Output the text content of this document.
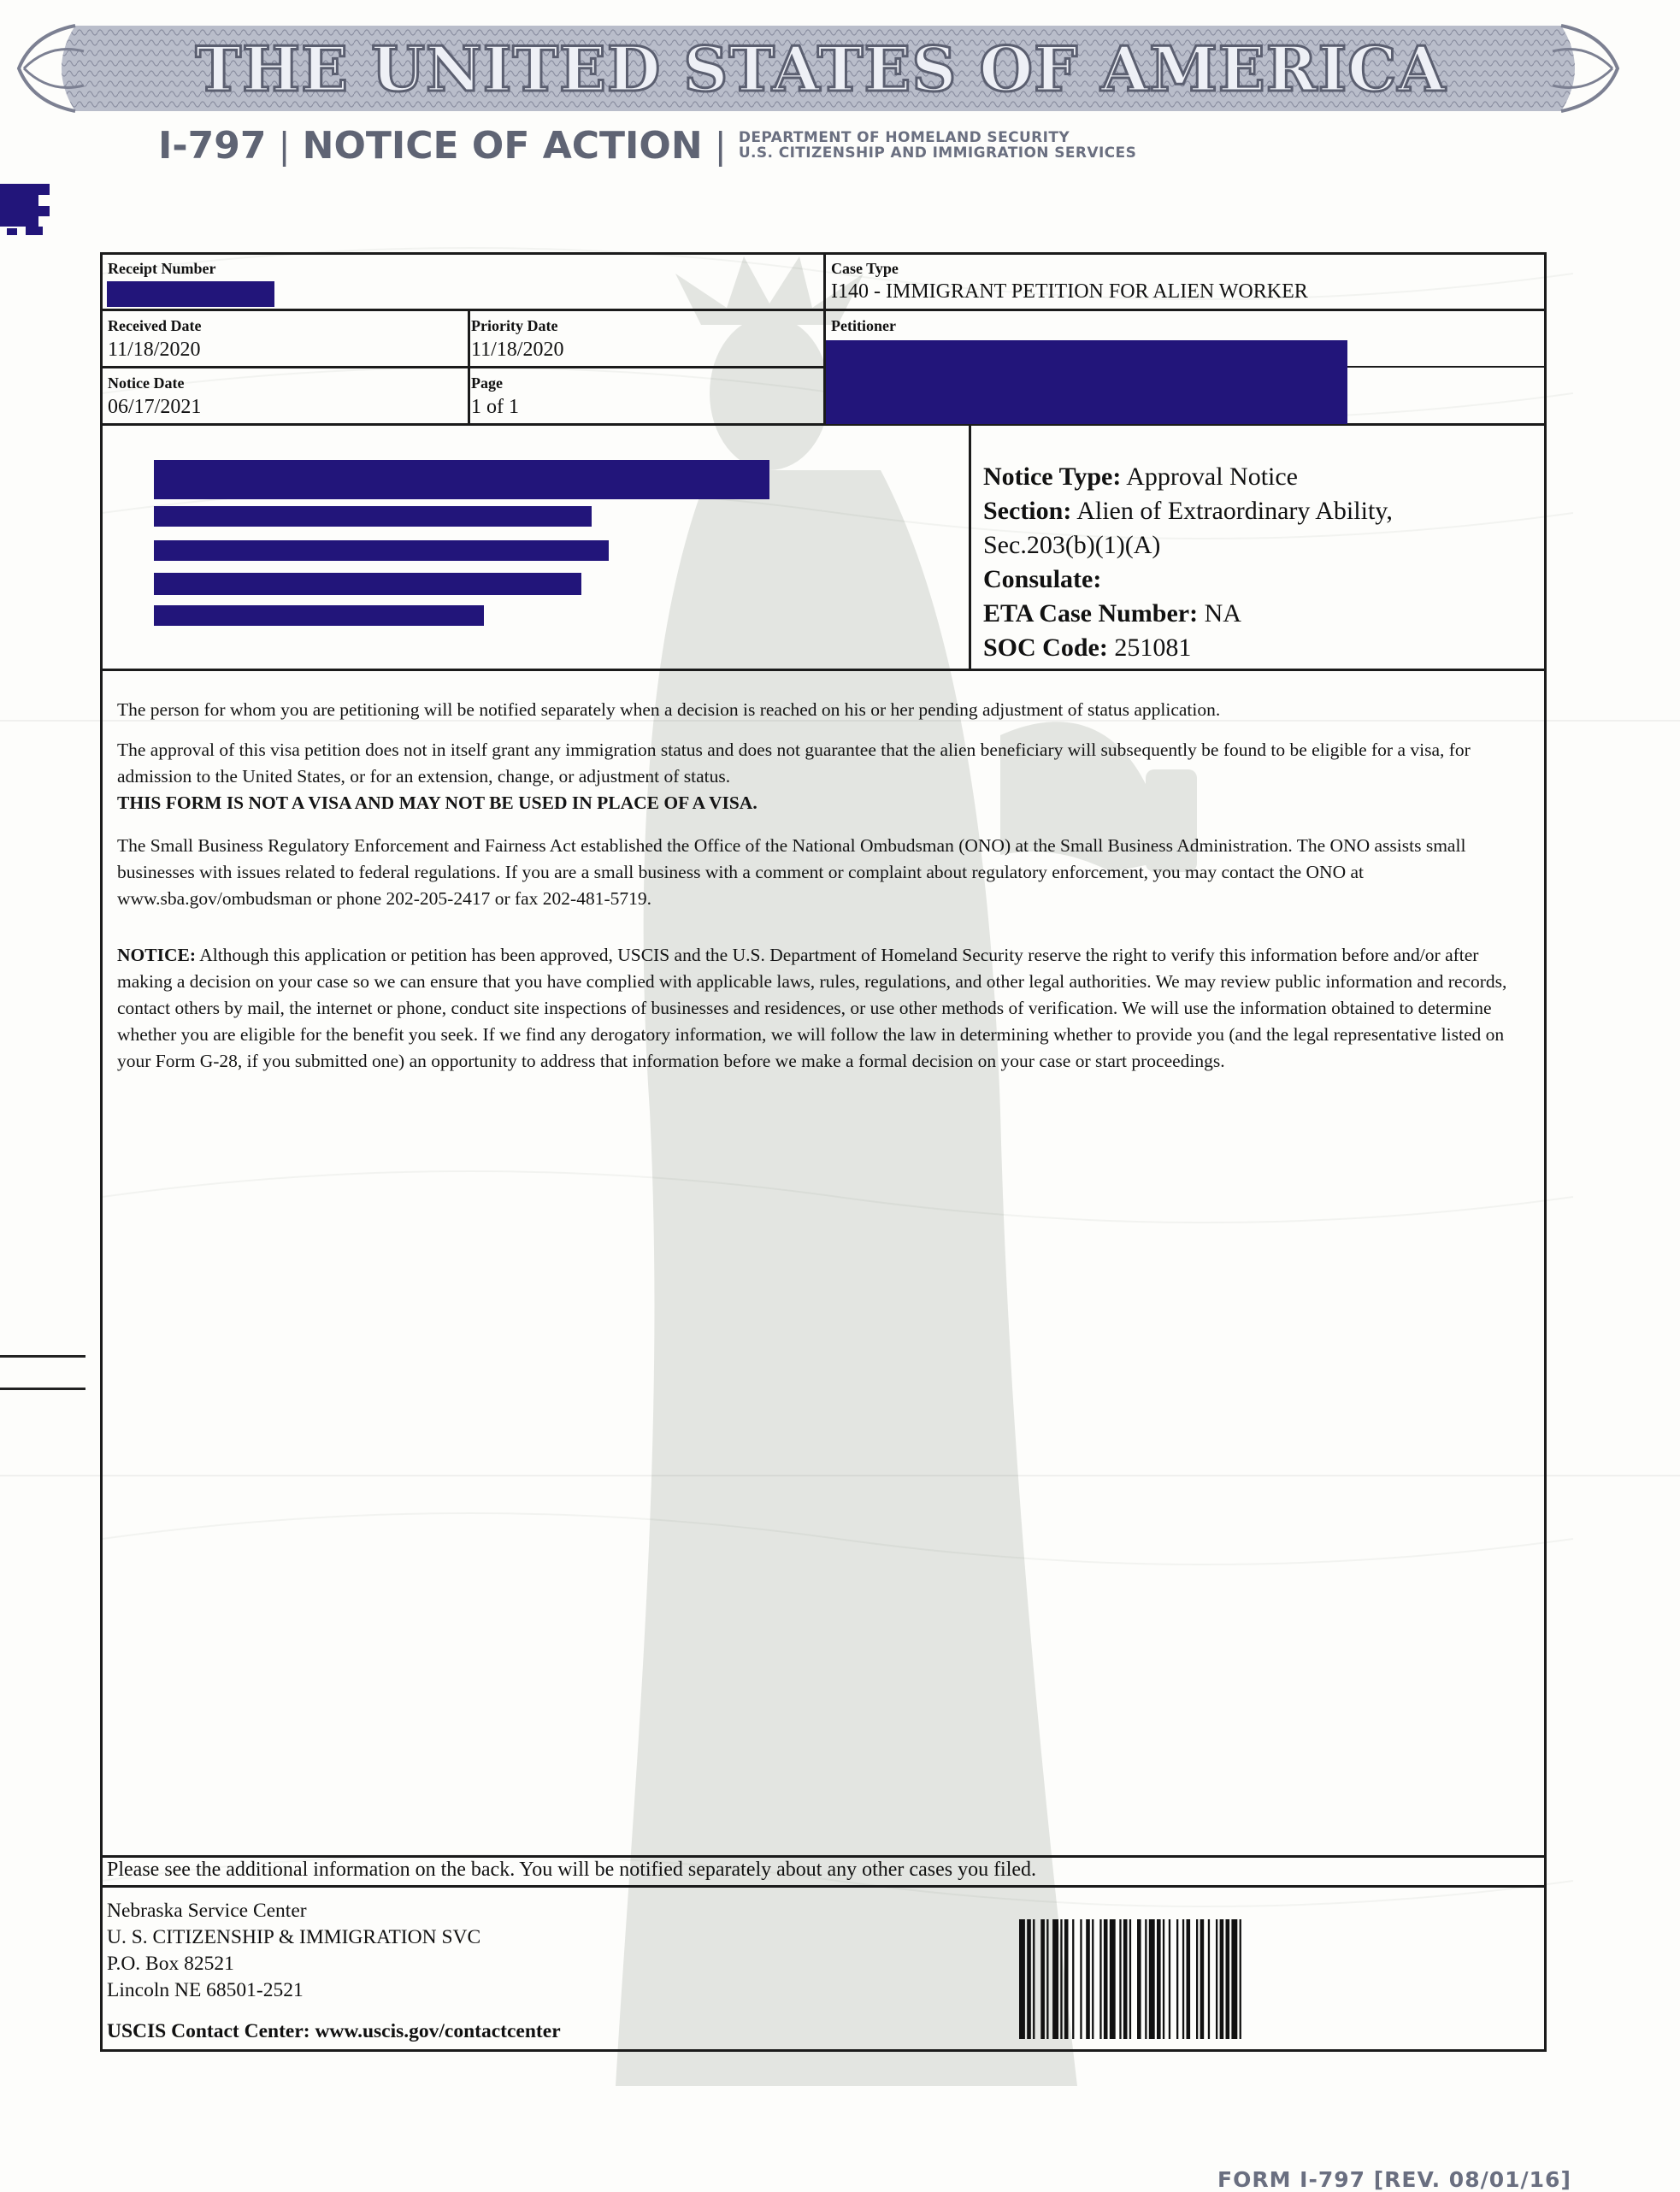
THE UNITED STATES OF AMERICA
I-797 | NOTICE OF ACTION | DEPARTMENT OF HOMELAND SECURITY
U.S. CITIZENSHIP AND IMMIGRATION SERVICES
Receipt Number	Case Type
I140 - IMMIGRANT PETITION FOR ALIEN WORKER
Received Date
11/18/2020
Priority Date
11/18/2020
Petitioner
Notice Date
06/17/2021
Page
1 of 1
Notice Type: Approval Notice
Section: Alien of Extraordinary Ability,
Sec.203(b)(1)(A)
Consulate:
ETA Case Number: NA
SOC Code: 251081
The person for whom you are petitioning will be notified separately when a decision is reached on his or her pending adjustment of status application.
The approval of this visa petition does not in itself grant any immigration status and does not guarantee that the alien beneficiary will subsequently be found to be eligible for a visa, for admission to the United States, or for an extension, change, or adjustment of status.
THIS FORM IS NOT A VISA AND MAY NOT BE USED IN PLACE OF A VISA.
The Small Business Regulatory Enforcement and Fairness Act established the Office of the National Ombudsman (ONO) at the Small Business Administration. The ONO assists small businesses with issues related to federal regulations. If you are a small business with a comment or complaint about regulatory enforcement, you may contact the ONO at www.sba.gov/ombudsman or phone 202-205-2417 or fax 202-481-5719.
NOTICE: Although this application or petition has been approved, USCIS and the U.S. Department of Homeland Security reserve the right to verify this information before and/or after making a decision on your case so we can ensure that you have complied with applicable laws, rules, regulations, and other legal authorities. We may review public information and records, contact others by mail, the internet or phone, conduct site inspections of businesses and residences, or use other methods of verification. We will use the information obtained to determine whether you are eligible for the benefit you seek. If we find any derogatory information, we will follow the law in determining whether to provide you (and the legal representative listed on your Form G-28, if you submitted one) an opportunity to address that information before we make a formal decision on your case or start proceedings.
Please see the additional information on the back. You will be notified separately about any other cases you filed.
Nebraska Service Center
U. S. CITIZENSHIP & IMMIGRATION SVC
P.O. Box 82521
Lincoln NE 68501-2521
USCIS Contact Center: www.uscis.gov/contactcenter
FORM I-797 [REV. 08/01/16]
